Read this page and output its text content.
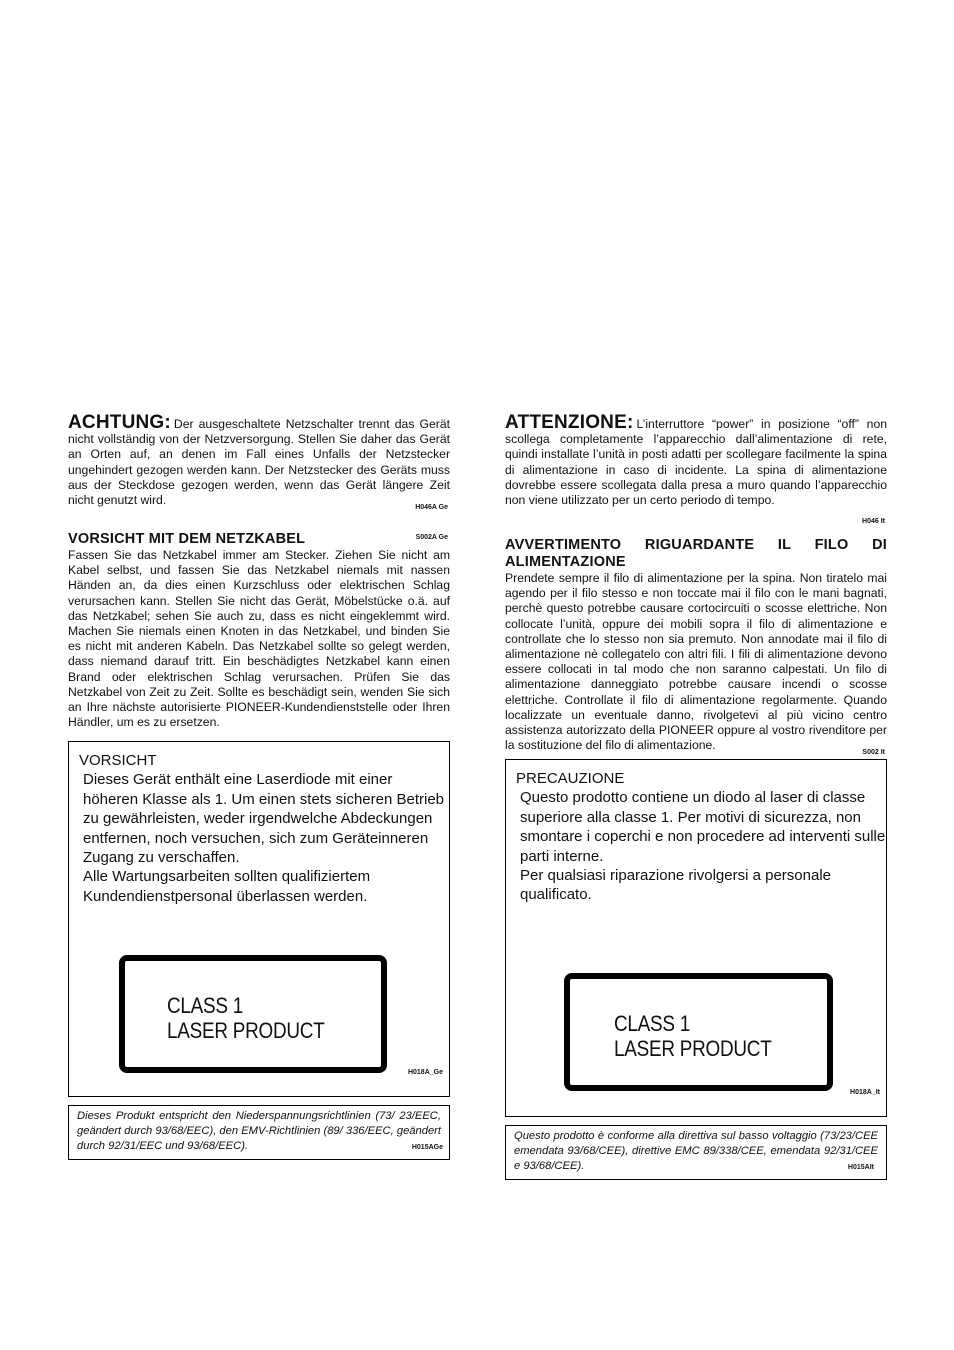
ACHTUNG: Der ausgeschaltete Netzschalter trennt das Gerät nicht vollständig von der Netzversorgung. Stellen Sie daher das Gerät an Orten auf, an denen im Fall eines Unfalls der Netzstecker ungehindert gezogen werden kann. Der Netzstecker des Geräts muss aus der Steckdose gezogen werden, wenn das Gerät längere Zeit nicht genutzt wird.
H046A Ge
VORSICHT MIT DEM NETZKABEL	S002A Ge
Fassen Sie das Netzkabel immer am Stecker. Ziehen Sie nicht am Kabel selbst, und fassen Sie das Netzkabel niemals mit nassen Händen an, da dies einen Kurzschluss oder elektrischen Schlag verursachen kann. Stellen Sie nicht das Gerät, Möbelstücke o.ä. auf das Netzkabel; sehen Sie auch zu, dass es nicht eingeklemmt wird. Machen Sie niemals einen Knoten in das Netzkabel, und binden Sie es nicht mit anderen Kabeln. Das Netzkabel sollte so gelegt werden, dass niemand darauf tritt. Ein beschädigtes Netzkabel kann einen Brand oder elektrischen Schlag verursachen. Prüfen Sie das Netzkabel von Zeit zu Zeit. Sollte es beschädigt sein, wenden Sie sich an Ihre nächste autorisierte PIONEER-Kundendienststelle oder Ihren Händler, um es zu ersetzen.
VORSICHT
Dieses Gerät enthält eine Laserdiode mit einer höheren Klasse als 1. Um einen stets sicheren Betrieb zu gewährleisten, weder irgendwelche Abdeckungen entfernen, noch versuchen, sich zum Geräteinneren Zugang zu verschaffen.
Alle Wartungsarbeiten sollten qualifiziertem Kundendienstpersonal überlassen werden.
CLASS 1
LASER PRODUCT
H018A_Ge
Dieses Produkt entspricht den Niederspannungsrichtlinien (73/ 23/EEC, geändert durch 93/68/EEC), den EMV-Richtlinien (89/ 336/EEC, geändert durch 92/31/EEC und 93/68/EEC).	H015AGe
ATTENZIONE: L’interruttore “power” in posizione “off” non scollega completamente l’apparecchio dall’alimentazione di rete, quindi installate l’unità in posti adatti per scollegare facilmente la spina di alimentazione in caso di incidente. La spina di alimentazione dovrebbe essere scollegata dalla presa a muro quando l’apparecchio non viene utilizzato per un certo periodo di tempo.
H046 It
AVVERTIMENTO RIGUARDANTE IL FILO DI ALIMENTAZIONE
Prendete sempre il filo di alimentazione per la spina. Non tiratelo mai agendo per il filo stesso e non toccate mai il filo con le mani bagnati, perchè questo potrebbe causare cortocircuiti o scosse elettriche. Non collocate l’unità, oppure dei mobili sopra il filo di alimentazione e controllate che lo stesso non sia premuto. Non annodate mai il filo di alimentazione nè collegatelo con altri fili. I fili di alimentazione devono essere collocati in tal modo che non saranno calpestati. Un filo di alimentazione danneggiato potrebbe causare incendi o scosse elettriche. Controllate il filo di alimentazione regolarmente. Quando localizzate un eventuale danno, rivolgetevi al più vicino centro assistenza autorizzato della PIONEER oppure al vostro rivenditore per la sostituzione del filo di alimentazione.
S002 It
PRECAUZIONE
Questo prodotto contiene un diodo al laser di classe superiore alla classe 1. Per motivi di sicurezza, non smontare i coperchi e non procedere ad interventi sulle parti interne.
Per qualsiasi riparazione rivolgersi a personale qualificato.
CLASS 1
LASER PRODUCT
H018A_It
Questo prodotto è conforme alla direttiva sul basso voltaggio (73/23/CEE emendata 93/68/CEE), direttive EMC 89/338/CEE, emendata 92/31/CEE e 93/68/CEE).	H015AIt
